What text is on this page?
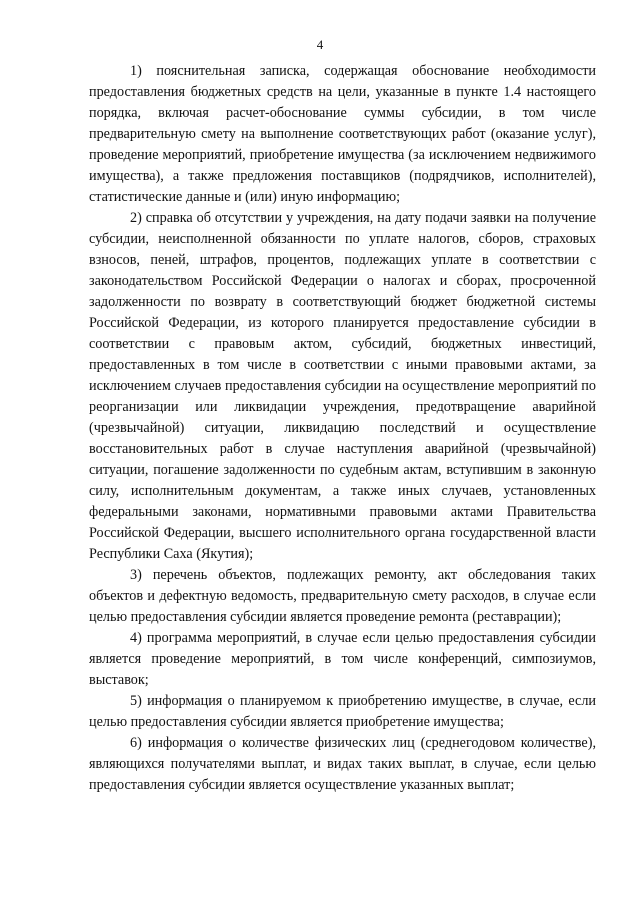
4

1) пояснительная записка, содержащая обоснование необходимости предоставления бюджетных средств на цели, указанные в пункте 1.4 настоящего порядка, включая расчет-обоснование суммы субсидии, в том числе предварительную смету на выполнение соответствующих работ (оказание услуг), проведение мероприятий, приобретение имущества (за исключением недвижимого имущества), а также предложения поставщиков (подрядчиков, исполнителей), статистические данные и (или) иную информацию;

2) справка об отсутствии у учреждения, на дату подачи заявки на получение субсидии, неисполненной обязанности по уплате налогов, сборов, страховых взносов, пеней, штрафов, процентов, подлежащих уплате в соответствии с законодательством Российской Федерации о налогах и сборах, просроченной задолженности по возврату в соответствующий бюджет бюджетной системы Российской Федерации, из которого планируется предоставление субсидии в соответствии с правовым актом, субсидий, бюджетных инвестиций, предоставленных в том числе в соответствии с иными правовыми актами, за исключением случаев предоставления субсидии на осуществление мероприятий по реорганизации или ликвидации учреждения, предотвращение аварийной (чрезвычайной) ситуации, ликвидацию последствий и осуществление восстановительных работ в случае наступления аварийной (чрезвычайной) ситуации, погашение задолженности по судебным актам, вступившим в законную силу, исполнительным документам, а также иных случаев, установленных федеральными законами, нормативными правовыми актами Правительства Российской Федерации, высшего исполнительного органа государственной власти Республики Саха (Якутия);

3) перечень объектов, подлежащих ремонту, акт обследования таких объектов и дефектную ведомость, предварительную смету расходов, в случае если целью предоставления субсидии является проведение ремонта (реставрации);

4) программа мероприятий, в случае если целью предоставления субсидии является проведение мероприятий, в том числе конференций, симпозиумов, выставок;

5) информация о планируемом к приобретению имуществе, в случае, если целью предоставления субсидии является приобретение имущества;

6) информация о количестве физических лиц (среднегодовом количестве), являющихся получателями выплат, и видах таких выплат, в случае, если целью предоставления субсидии является осуществление указанных выплат;
